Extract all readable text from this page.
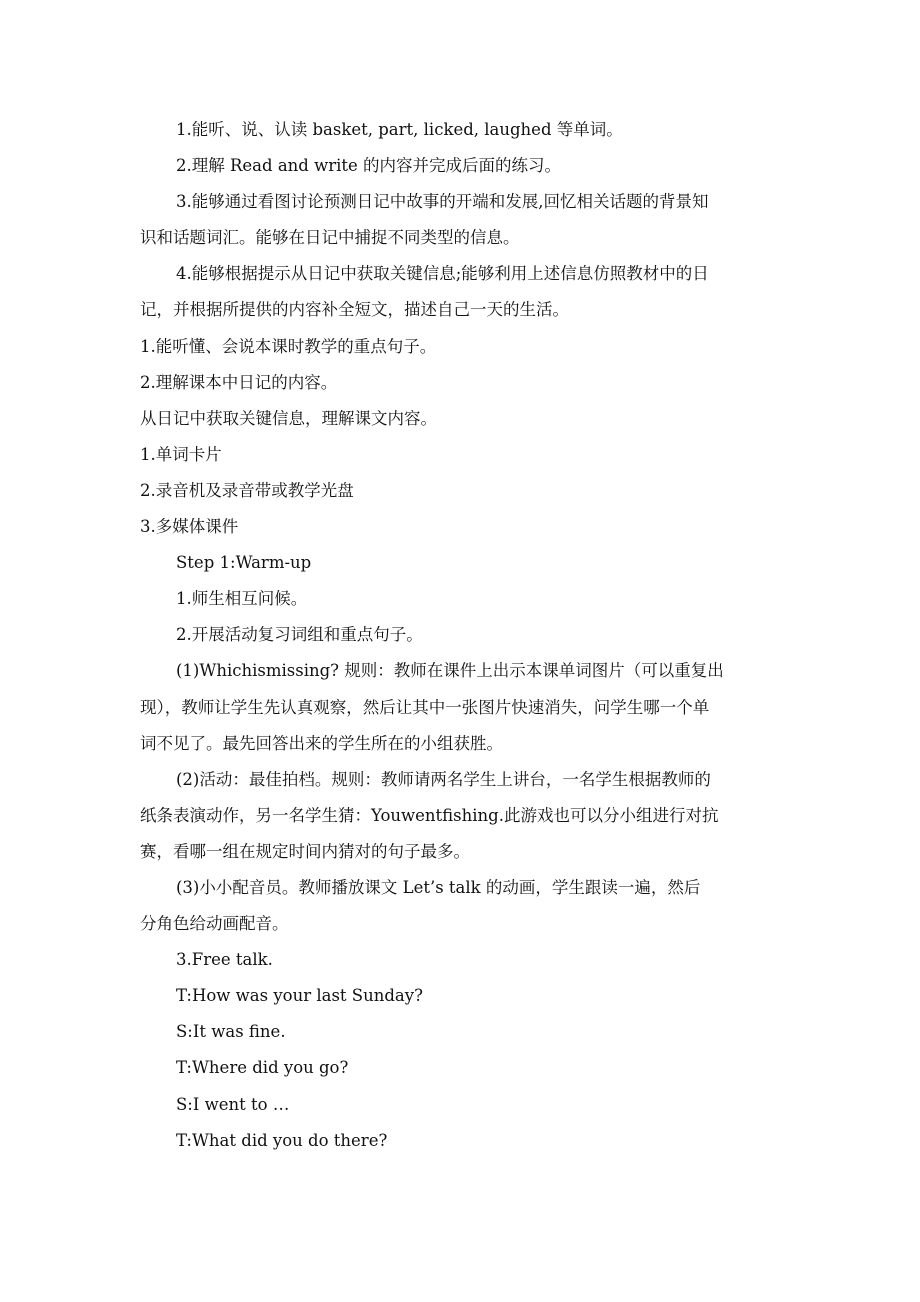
1.能听、说、认读 basket, part, licked, laughed 等单词。
2.理解 Read and write 的内容并完成后面的练习。
3.能够通过看图讨论预测日记中故事的开端和发展,回忆相关话题的背景知
识和话题词汇。能够在日记中捕捉不同类型的信息。
4.能够根据提示从日记中获取关键信息;能够利用上述信息仿照教材中的日
记，并根据所提供的内容补全短文，描述自己一天的生活。
1.能听懂、会说本课时教学的重点句子。
2.理解课本中日记的内容。
从日记中获取关键信息，理解课文内容。
1.单词卡片
2.录音机及录音带或教学光盘
3.多媒体课件
Step 1:Warm-up
1.师生相互问候。
2.开展活动复习词组和重点句子。
(1)Whichismissing? 规则：教师在课件上出示本课单词图片（可以重复出
现），教师让学生先认真观察，然后让其中一张图片快速消失，问学生哪一个单
词不见了。最先回答出来的学生所在的小组获胜。
(2)活动：最佳拍档。规则：教师请两名学生上讲台，一名学生根据教师的
纸条表演动作，另一名学生猜：Youwentfishing.此游戏也可以分小组进行对抗
赛，看哪一组在规定时间内猜对的句子最多。
(3)小小配音员。教师播放课文 Let’s talk 的动画，学生跟读一遍，然后
分角色给动画配音。
3.Free talk.
T:How was your last Sunday?
S:It was fine.
T:Where did you go?
S:I went to …
T:What did you do there?
